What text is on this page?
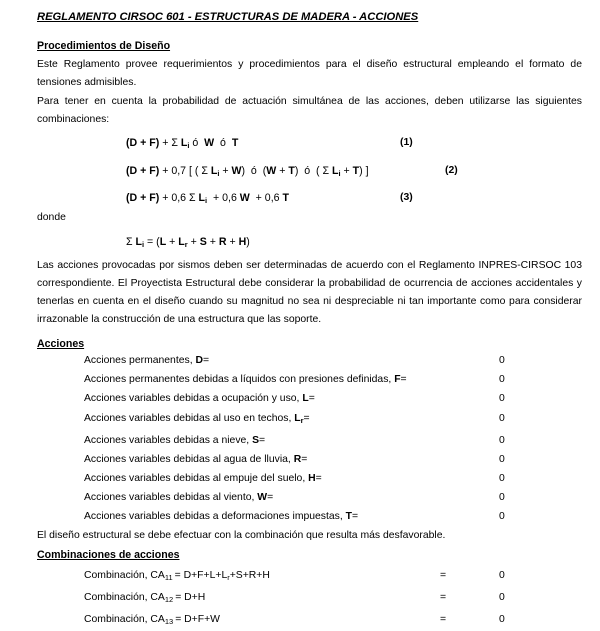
REGLAMENTO CIRSOC 601 - ESTRUCTURAS DE MADERA - ACCIONES
Procedimientos de Diseño
Este Reglamento provee requerimientos y procedimientos para el diseño estructural empleando el formato de tensiones admisibles.
Para tener en cuenta la probabilidad de actuación simultánea de las acciones, deben utilizarse las siguientes combinaciones:
(D + F) + Σ $L_i$ ó  W  ó  T	(1)
(D + F) + 0,7 [ ( Σ $L_i + W$)  ó  (W + T)  ó  ( Σ $L_i + T$) ]	(2)
(D + F) + 0,6 Σ $L_i + 0,6$ W  + 0,6 T	(3)
donde
Σ $L_i = (L + L_r + S + R + H)$
Las acciones provocadas por sismos deben ser determinadas de acuerdo con el Reglamento INPRES-CIRSOC 103 correspondiente. El Proyectista Estructural debe considerar la probabilidad de ocurrencia de acciones accidentales y tenerlas en cuenta en el diseño cuando su magnitud no sea ni despreciable ni tan importante como para considerar irrazonable la construcción de una estructura que las soporte.
Acciones
Acciones permanentes, D=	0
Acciones permanentes debidas a líquidos con presiones definidas, F=	0
Acciones variables debidas a ocupación y uso, L=	0
Acciones variables debidas al uso en techos, $L_r=$	0
Acciones variables debidas a nieve, S=	0
Acciones variables debidas al agua de lluvia, R=	0
Acciones variables debidas al empuje del suelo, H=	0
Acciones variables debidas al viento, W=	0
Acciones variables debidas a deformaciones impuestas, T=	0
El diseño estructural se debe efectuar con la combinación que resulta más desfavorable.
Combinaciones de acciones
Combinación, $CA_{11} = D+F+L+L_r+S+R+H$	=	0
Combinación, $CA_{12} = D+H$	=	0
Combinación, $CA_{13} = D+F+W$	=	0
